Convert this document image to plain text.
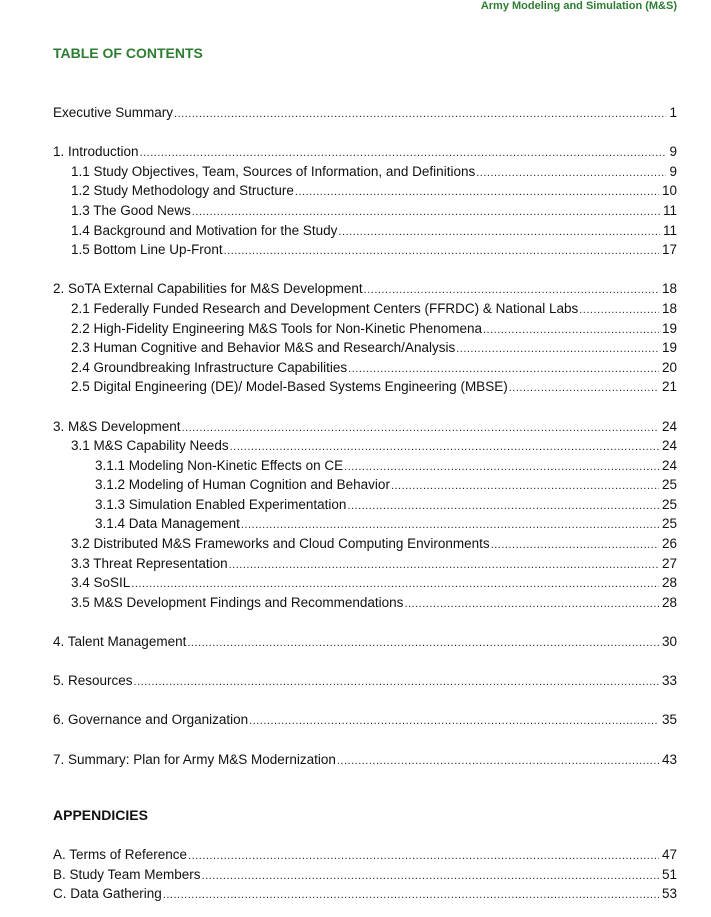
Army Modeling and Simulation (M&S)
TABLE OF CONTENTS
Executive Summary .....	1
1. Introduction .....	9
1.1 Study Objectives, Team, Sources of Information, and Definitions .....	9
1.2 Study Methodology and Structure .....	10
1.3 The Good News .....	11
1.4 Background and Motivation for the Study .....	11
1.5 Bottom Line Up-Front .....	17
2. SoTA External Capabilities for M&S Development .....	18
2.1 Federally Funded Research and Development Centers (FFRDC) & National Labs .....	18
2.2 High-Fidelity Engineering M&S Tools for Non-Kinetic Phenomena .....	19
2.3 Human Cognitive and Behavior M&S and Research/Analysis .....	19
2.4 Groundbreaking Infrastructure Capabilities .....	20
2.5 Digital Engineering (DE)/ Model-Based Systems Engineering (MBSE) .....	21
3. M&S Development .....	24
3.1 M&S Capability Needs .....	24
3.1.1 Modeling Non-Kinetic Effects on CE .....	24
3.1.2 Modeling of Human Cognition and Behavior .....	25
3.1.3 Simulation Enabled Experimentation .....	25
3.1.4 Data Management .....	25
3.2 Distributed M&S Frameworks and Cloud Computing Environments .....	26
3.3 Threat Representation .....	27
3.4 SoSIL .....	28
3.5 M&S Development Findings and Recommendations .....	28
4. Talent Management .....	30
5. Resources .....	33
6. Governance and Organization .....	35
7. Summary: Plan for Army M&S Modernization .....	43
APPENDICIES
A. Terms of Reference .....	47
B. Study Team Members .....	51
C. Data Gathering .....	53
